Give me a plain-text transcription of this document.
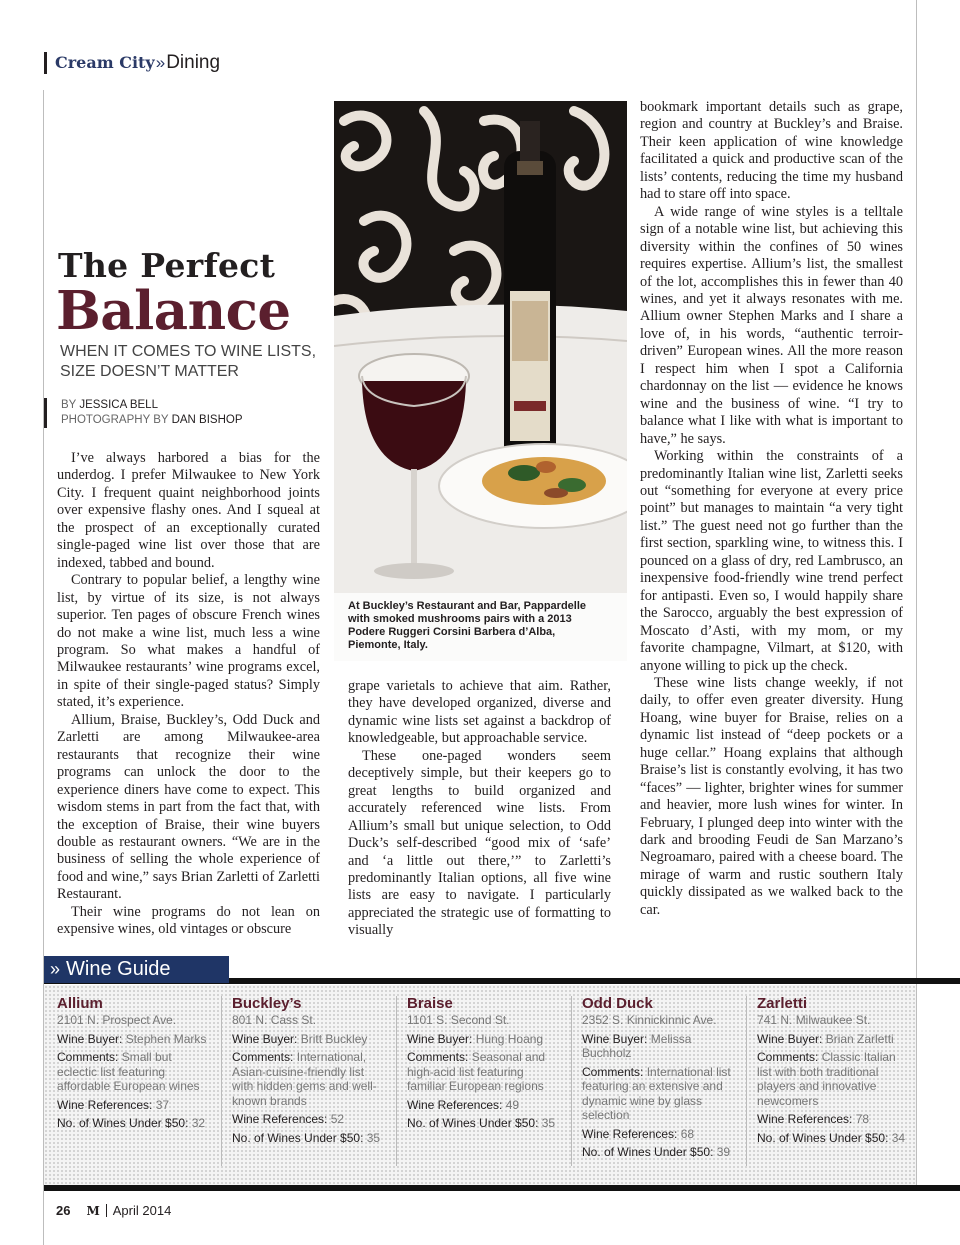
Cream City » Dining
The Perfect
Balance
WHEN IT COMES TO WINE LISTS,
SIZE DOESN’T MATTER
BY JESSICA BELL
PHOTOGRAPHY BY DAN BISHOP

I’ve always harbored a bias for the underdog. I prefer Milwaukee to New York City. I frequent quaint neighborhood joints over expensive flashy ones. And I squeal at the prospect of an exceptionally curated single-paged wine list over those that are indexed, tabbed and bound.

Contrary to popular belief, a lengthy wine list, by virtue of its size, is not always superior. Ten pages of obscure French wines do not make a wine list, much less a wine program. So what makes a handful of Milwaukee restaurants’ wine programs excel, in spite of their single-paged status? Simply stated, it’s experience.

Allium, Braise, Buckley’s, Odd Duck and Zarletti are among Milwaukee-area restaurants that recognize their wine programs can unlock the door to the experience diners have come to expect. This wisdom stems in part from the fact that, with the exception of Braise, their wine buyers double as restaurant owners. “We are in the business of selling the whole experience of food and wine,” says Brian Zarletti of Zarletti Restaurant.

Their wine programs do not lean on expensive wines, old vintages or obscure

At Buckley’s Restaurant and Bar, Pappardelle with smoked mushrooms pairs with a 2013 Podere Ruggeri Corsini Barbera d’Alba, Piemonte, Italy.

grape varietals to achieve that aim. Rather, they have developed organized, diverse and dynamic wine lists set against a backdrop of knowledgeable, but approachable service.

These one-paged wonders seem deceptively simple, but their keepers go to great lengths to build organized and accurately referenced wine lists. From Allium’s small but unique selection, to Odd Duck’s self-described “good mix of ‘safe’ and ‘a little out there,’” to Zarletti’s predominantly Italian options, all five wine lists are easy to navigate. I particularly appreciated the strategic use of formatting to visually

bookmark important details such as grape, region and country at Buckley’s and Braise. Their keen application of wine knowledge facilitated a quick and productive scan of the lists’ contents, reducing the time my husband had to stare off into space.

A wide range of wine styles is a telltale sign of a notable wine list, but achieving this diversity within the confines of 50 wines requires expertise. Allium’s list, the smallest of the lot, accomplishes this in fewer than 40 wines, and yet it always resonates with me. Allium owner Stephen Marks and I share a love of, in his words, “authentic terroir-driven” European wines. All the more reason I respect him when I spot a California chardonnay on the list — evidence he knows wine and the business of wine. “I try to balance what I like with what is important to have,” he says.

Working within the constraints of a predominantly Italian wine list, Zarletti seeks out “something for everyone at every price point” but manages to maintain “a very tight list.” The guest need not go further than the first section, sparkling wine, to witness this. I pounced on a glass of dry, red Lambrusco, an inexpensive food-friendly wine trend perfect for antipasti. Even so, I would happily share the Sarocco, arguably the best expression of Moscato d’Asti, with my mom, or my favorite champagne, Vilmart, at $120, with anyone willing to pick up the check.

These wine lists change weekly, if not daily, to offer even greater diversity. Hung Hoang, wine buyer for Braise, relies on a dynamic list instead of “deep pockets or a huge cellar.” Hoang explains that although Braise’s list is constantly evolving, it has two “faces” — lighter, brighter wines for summer and heavier, more lush wines for winter. In February, I plunged deep into winter with the dark and brooding Feudi de San Marzano’s Negroamaro, paired with a cheese board. The mirage of warm and rustic southern Italy quickly dissipated as we walked back to the car.

» Wine Guide
Allium
2101 N. Prospect Ave.
Wine Buyer: Stephen Marks
Comments: Small but eclectic list featuring affordable European wines
Wine References: 37
No. of Wines Under $50: 32
Buckley’s
801 N. Cass St.
Wine Buyer: Britt Buckley
Comments: International, Asian-cuisine-friendly list with hidden gems and well-known brands
Wine References: 52
No. of Wines Under $50: 35
Braise
1101 S. Second St.
Wine Buyer: Hung Hoang
Comments: Seasonal and high-acid list featuring familiar European regions
Wine References: 49
No. of Wines Under $50: 35
Odd Duck
2352 S. Kinnickinnic Ave.
Wine Buyer: Melissa Buchholz
Comments: International list featuring an extensive and dynamic wine by glass selection
Wine References: 68
No. of Wines Under $50: 39
Zarletti
741 N. Milwaukee St.
Wine Buyer: Brian Zarletti
Comments: Classic Italian list with both traditional players and innovative newcomers
Wine References: 78
No. of Wines Under $50: 34
26 M April 2014
